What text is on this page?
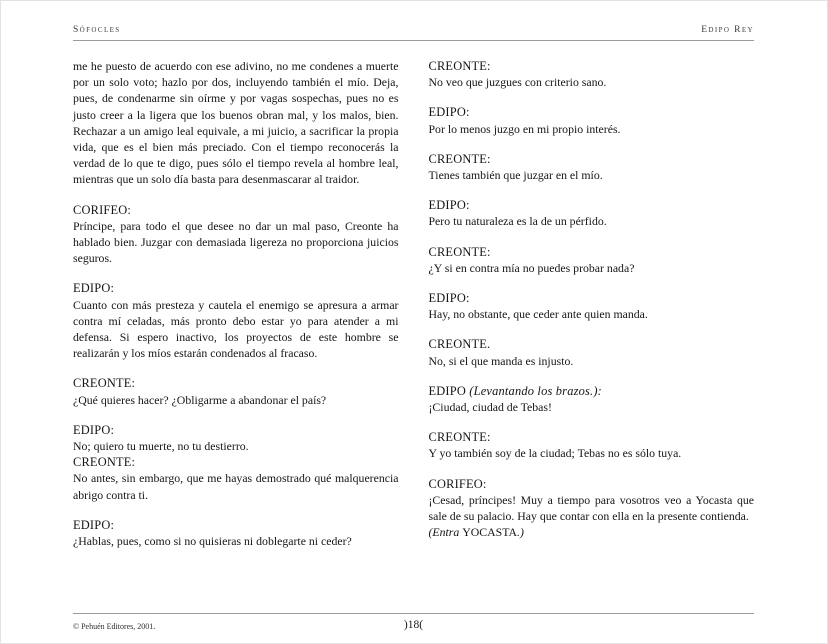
Sófocles	Edipo Rey

me he puesto de acuerdo con ese adivino, no me condenes a muerte por un solo voto; hazlo por dos, incluyendo también el mío. Deja, pues, de condenarme sin oírme y por vagas sospechas, pues no es justo creer a la ligera que los buenos obran mal, y los malos, bien. Rechazar a un amigo leal equivale, a mi juicio, a sacrificar la propia vida, que es el bien más preciado. Con el tiempo reconocerás la verdad de lo que te digo, pues sólo el tiempo revela al hombre leal, mientras que un solo día basta para desenmascarar al traidor.

CORIFEO:

Príncipe, para todo el que desee no dar un mal paso, Creonte ha hablado bien. Juzgar con demasiada ligereza no proporciona juicios seguros.

EDIPO:

Cuanto con más presteza y cautela el enemigo se apresura a armar contra mí celadas, más pronto debo estar yo para atender a mi defensa. Si espero inactivo, los proyectos de este hombre se realizarán y los míos estarán condenados al fracaso.

CREONTE:

¿Qué quieres hacer? ¿Obligarme a abandonar el país?

EDIPO:

No; quiero tu muerte, no tu destierro.

CREONTE:

No antes, sin embargo, que me hayas demostrado qué malquerencia abrigo contra ti.

EDIPO:

¿Hablas, pues, como si no quisieras ni doblegarte ni ceder?

CREONTE:

No veo que juzgues con criterio sano.

EDIPO:

Por lo menos juzgo en mi propio interés.

CREONTE:

Tienes también que juzgar en el mío.

EDIPO:

Pero tu naturaleza es la de un pérfido.

CREONTE:

¿Y si en contra mía no puedes probar nada?

EDIPO:

Hay, no obstante, que ceder ante quien manda.

CREONTE.

No, si el que manda es injusto.

EDIPO (Levantando los brazos.):

¡Ciudad, ciudad de Tebas!

CREONTE:

Y yo también soy de la ciudad; Tebas no es sólo tuya.

CORIFEO:

¡Cesad, príncipes! Muy a tiempo para vosotros veo a Yocasta que sale de su palacio. Hay que contar con ella en la presente contienda.

(Entra YOCASTA.)

© Pehuén Editores, 2001.	)18(
